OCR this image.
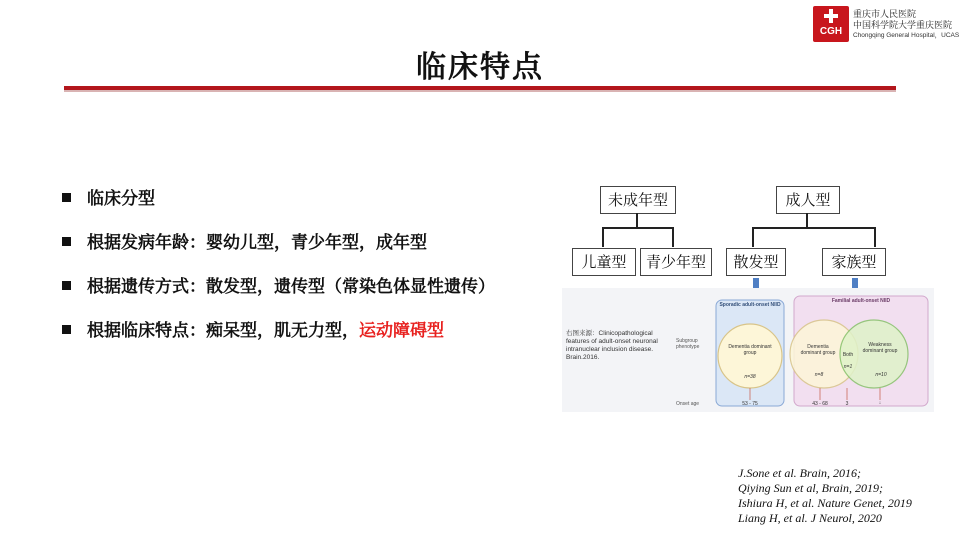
临床特点
CGH
重庆市人民医院
中国科学院大学重庆医院
Chongqing General Hospital，UCAS
临床分型
根据发病年龄：婴幼儿型，青少年型，成年型
根据遗传方式：散发型，遗传型（常染色体显性遗传）
根据临床特点：痴呆型，肌无力型，运动障碍型
未成年型	成人型
儿童型	青少年型	散发型	家族型
右图来源：Clinicopathological features of adult-onset neuronal intranuclear inclusion disease. Brain.2016.
Subgroup phenotype
Onset age
Sporadic adult-onset NIID
Familial adult-onset NIID
Dementia dominant group
n=38
Dementia dominant group
n=8
Both
n=1
Weakness dominant group
n=10
53 - 75	43 - 68	3	↓
J.Sone et al. Brain, 2016;
Qiying Sun et al, Brain, 2019;
Ishiura H, et al. Nature Genet, 2019
Liang H, et al. J Neurol, 2020
